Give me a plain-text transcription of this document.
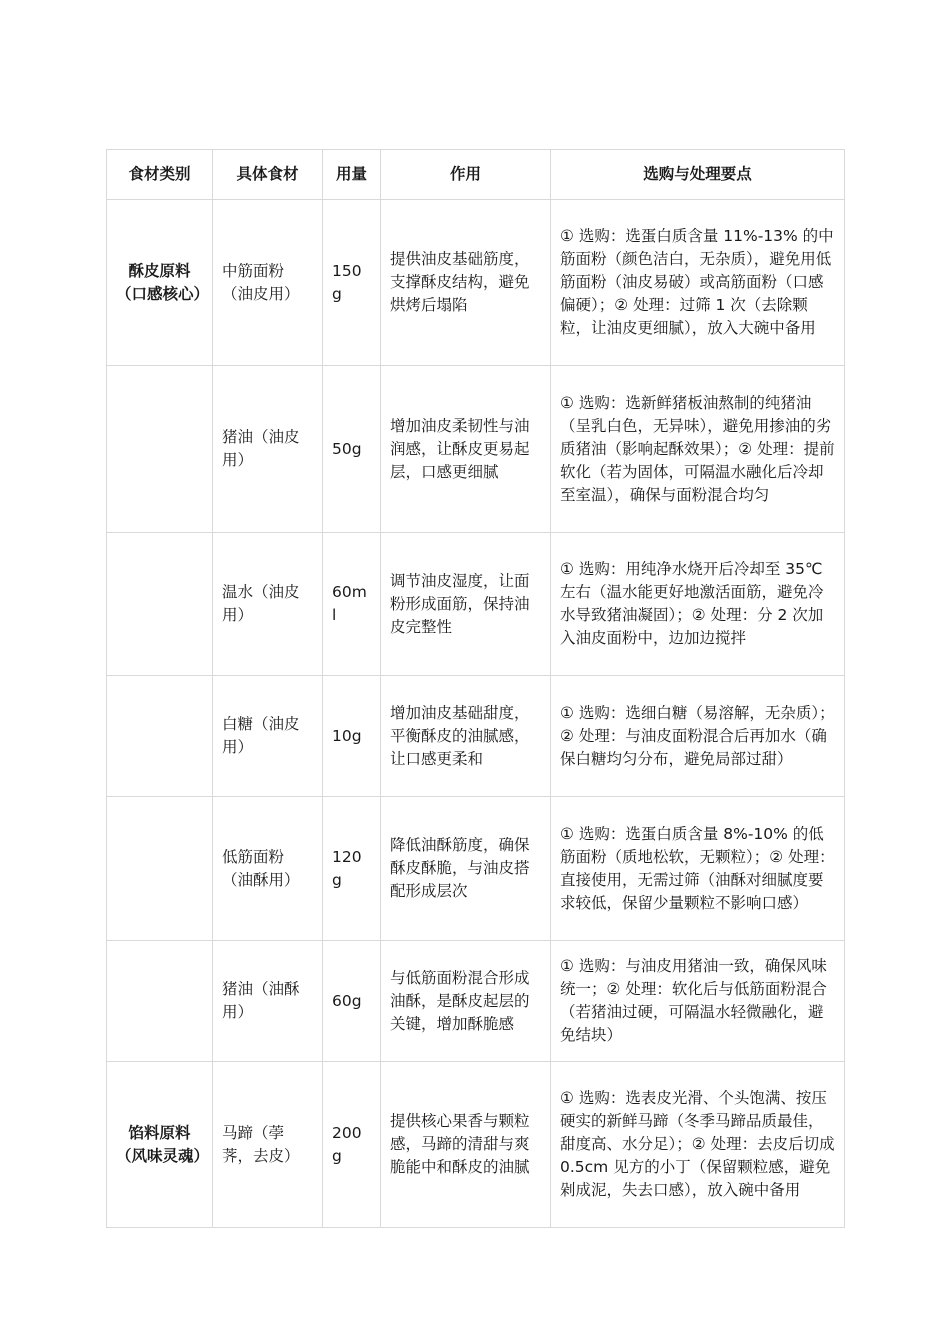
食材类别	具体食材	用量	作用	选购与处理要点
酥皮原料（口感核心）	中筋面粉（油皮用）	150g	提供油皮基础筋度，支撑酥皮结构，避免烘烤后塌陷	① 选购：选蛋白质含量 11%-13% 的中筋面粉（颜色洁白，无杂质），避免用低筋面粉（油皮易破）或高筋面粉（口感偏硬）；② 处理：过筛 1 次（去除颗粒，让油皮更细腻），放入大碗中备用
	猪油（油皮用）	50g	增加油皮柔韧性与油润感，让酥皮更易起层，口感更细腻	① 选购：选新鲜猪板油熬制的纯猪油（呈乳白色，无异味），避免用掺油的劣质猪油（影响起酥效果）；② 处理：提前软化（若为固体，可隔温水融化后冷却至室温），确保与面粉混合均匀
	温水（油皮用）	60ml	调节油皮湿度，让面粉形成面筋，保持油皮完整性	① 选购：用纯净水烧开后冷却至 35℃左右（温水能更好地激活面筋，避免冷水导致猪油凝固）；② 处理：分 2 次加入油皮面粉中，边加边搅拌
	白糖（油皮用）	10g	增加油皮基础甜度，平衡酥皮的油腻感，让口感更柔和	① 选购：选细白糖（易溶解，无杂质）；② 处理：与油皮面粉混合后再加水（确保白糖均匀分布，避免局部过甜）
	低筋面粉（油酥用）	120g	降低油酥筋度，确保酥皮酥脆，与油皮搭配形成层次	① 选购：选蛋白质含量 8%-10% 的低筋面粉（质地松软，无颗粒）；② 处理：直接使用，无需过筛（油酥对细腻度要求较低，保留少量颗粒不影响口感）
	猪油（油酥用）	60g	与低筋面粉混合形成油酥，是酥皮起层的关键，增加酥脆感	① 选购：与油皮用猪油一致，确保风味统一；② 处理：软化后与低筋面粉混合（若猪油过硬，可隔温水轻微融化，避免结块）
馅料原料（风味灵魂）	马蹄（荸荠，去皮）	200g	提供核心果香与颗粒感，马蹄的清甜与爽脆能中和酥皮的油腻	① 选购：选表皮光滑、个头饱满、按压硬实的新鲜马蹄（冬季马蹄品质最佳，甜度高、水分足）；② 处理：去皮后切成 0.5cm 见方的小丁（保留颗粒感，避免剁成泥，失去口感），放入碗中备用
